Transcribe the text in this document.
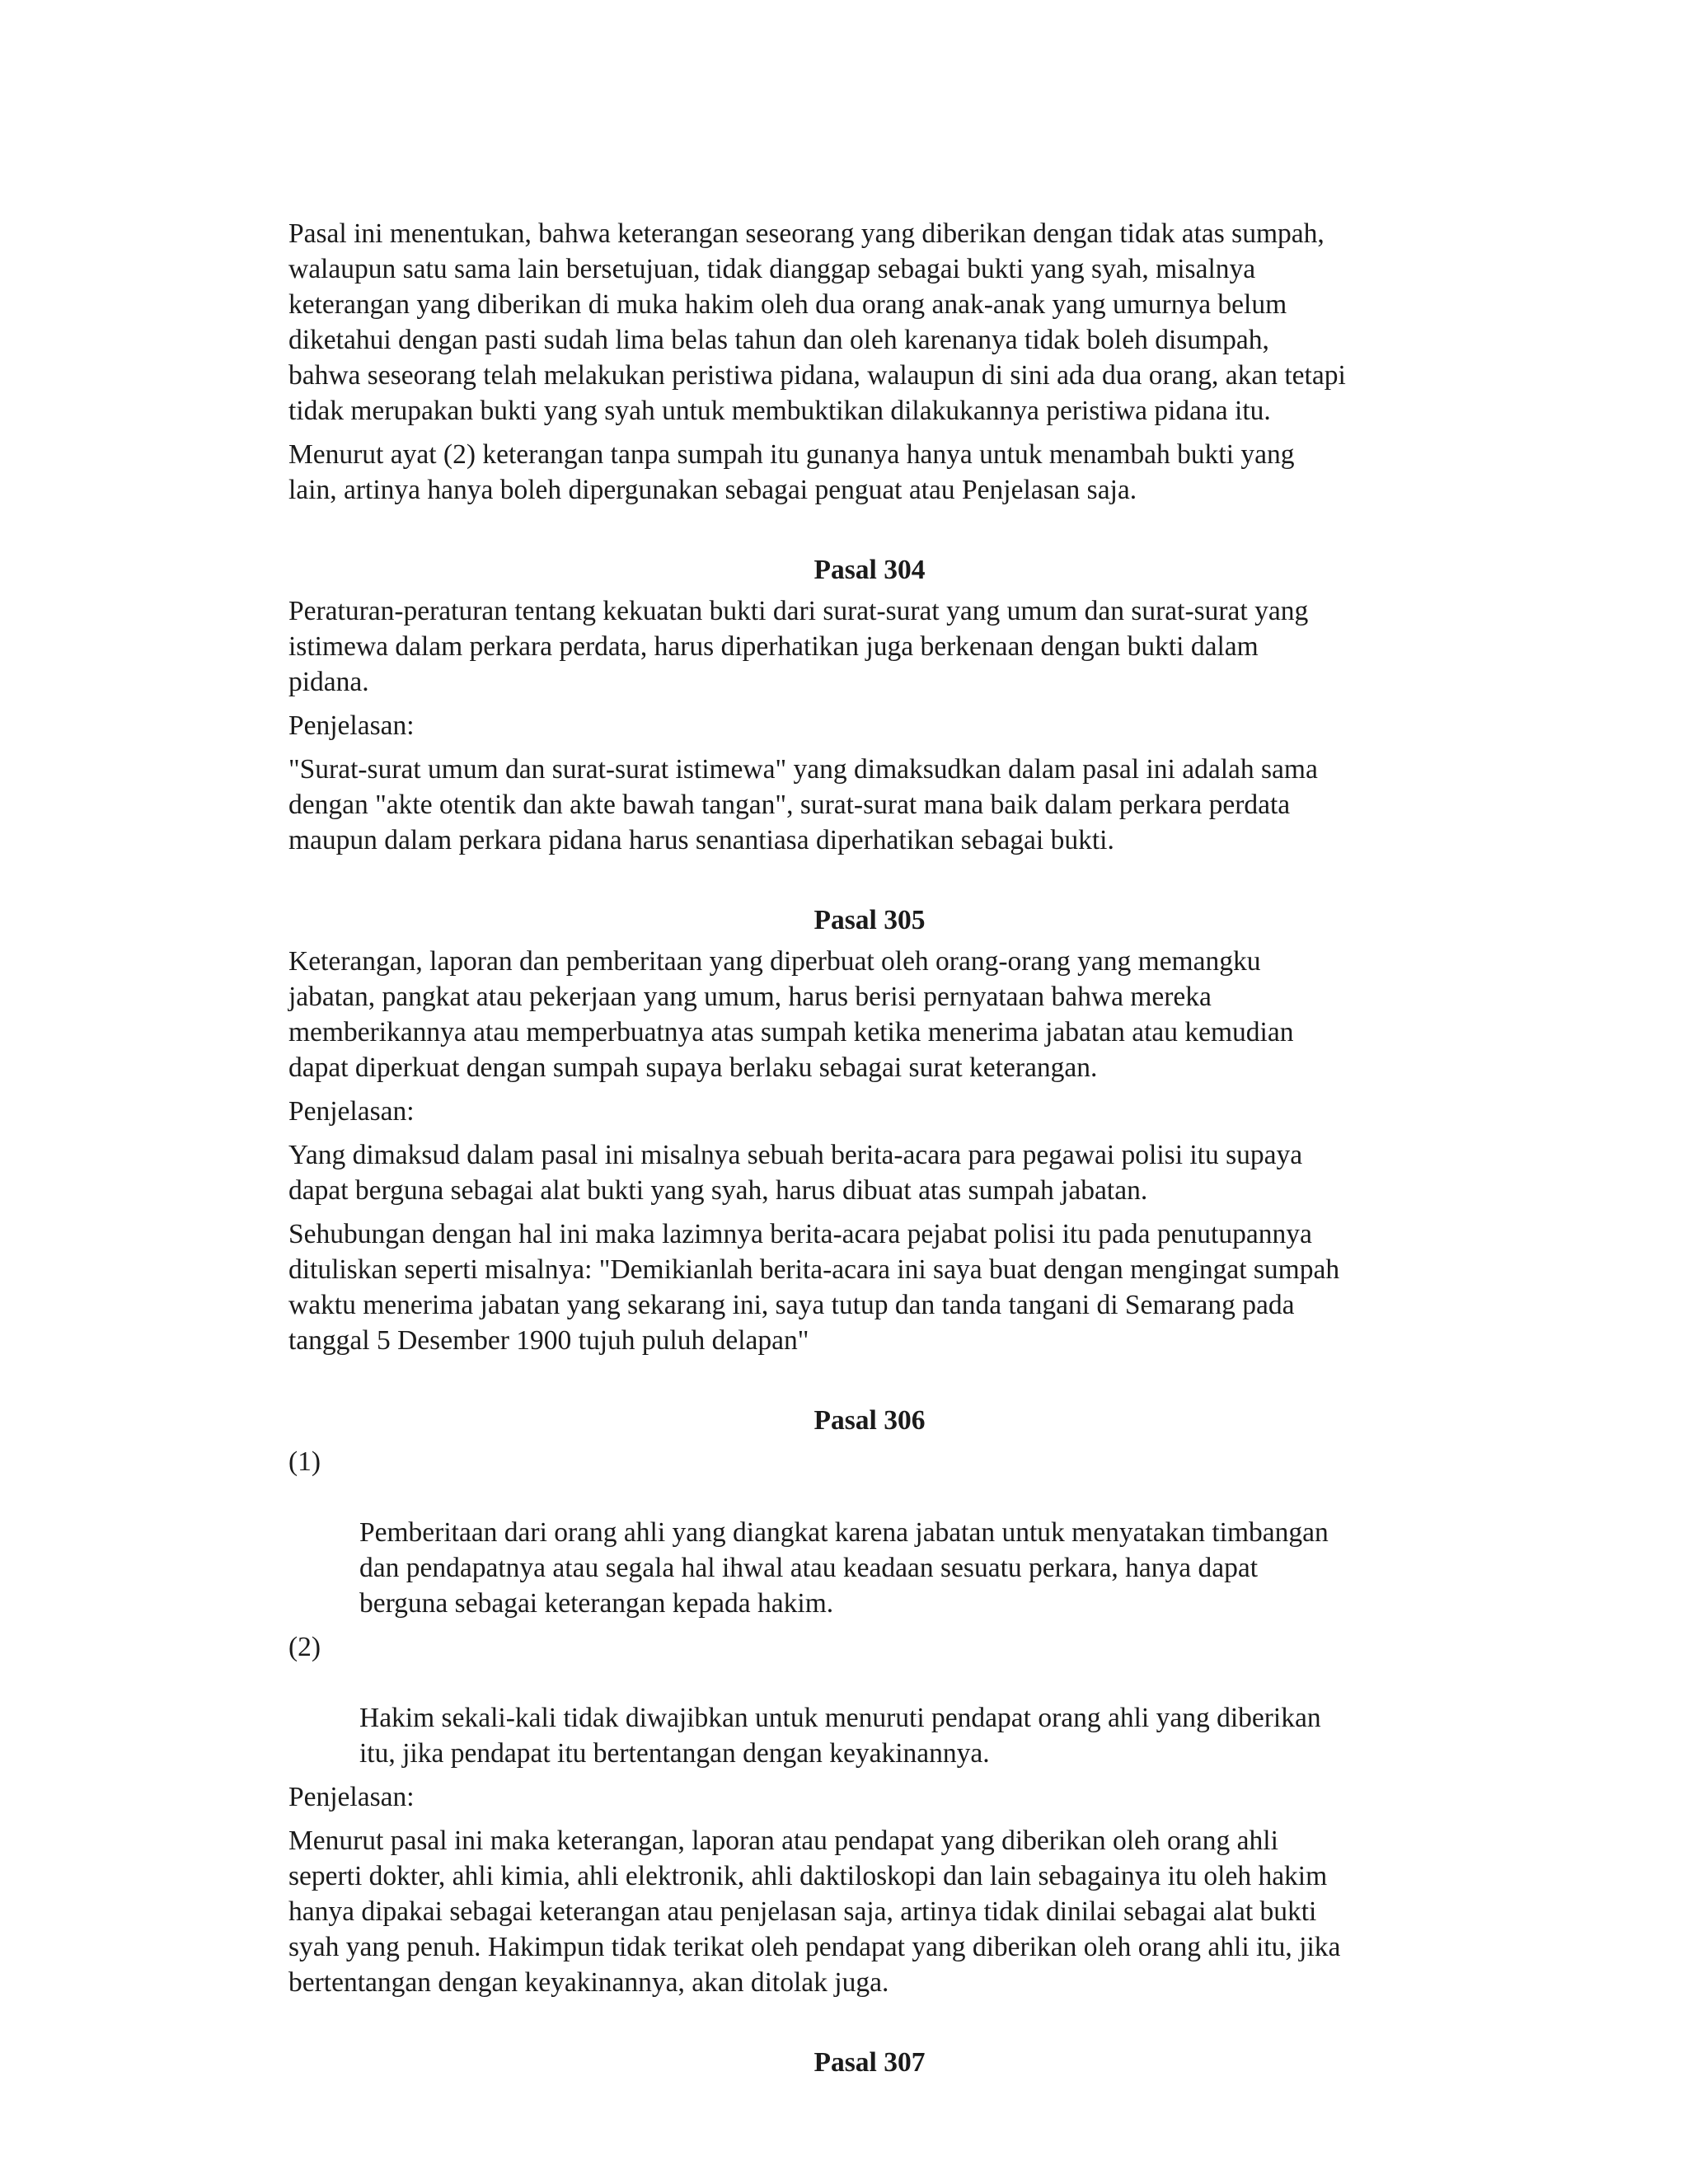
Pasal ini menentukan, bahwa keterangan seseorang yang diberikan dengan tidak atas sumpah,
walaupun satu sama lain bersetujuan, tidak dianggap sebagai bukti yang syah, misalnya
keterangan yang diberikan di muka hakim oleh dua orang anak-anak yang umurnya belum
diketahui dengan pasti sudah lima belas tahun dan oleh karenanya tidak boleh disumpah,
bahwa seseorang telah melakukan peristiwa pidana, walaupun di sini ada dua orang, akan tetapi
tidak merupakan bukti yang syah untuk membuktikan dilakukannya peristiwa pidana itu.

Menurut ayat (2) keterangan tanpa sumpah itu gunanya hanya untuk menambah bukti yang
lain, artinya hanya boleh dipergunakan sebagai penguat atau Penjelasan saja.

Pasal 304

Peraturan-peraturan tentang kekuatan bukti dari surat-surat yang umum dan surat-surat yang
istimewa dalam perkara perdata, harus diperhatikan juga berkenaan dengan bukti dalam
pidana.

Penjelasan:

"Surat-surat umum dan surat-surat istimewa" yang dimaksudkan dalam pasal ini adalah sama
dengan "akte otentik dan akte bawah tangan", surat-surat mana baik dalam perkara perdata
maupun dalam perkara pidana harus senantiasa diperhatikan sebagai bukti.

Pasal 305

Keterangan, laporan dan pemberitaan yang diperbuat oleh orang-orang yang memangku
jabatan, pangkat atau pekerjaan yang umum, harus berisi pernyataan bahwa mereka
memberikannya atau memperbuatnya atas sumpah ketika menerima jabatan atau kemudian
dapat diperkuat dengan sumpah supaya berlaku sebagai surat keterangan.

Penjelasan:

Yang dimaksud dalam pasal ini misalnya sebuah berita-acara para pegawai polisi itu supaya
dapat berguna sebagai alat bukti yang syah, harus dibuat atas sumpah jabatan.

Sehubungan dengan hal ini maka lazimnya berita-acara pejabat polisi itu pada penutupannya
dituliskan seperti misalnya: "Demikianlah berita-acara ini saya buat dengan mengingat sumpah
waktu menerima jabatan yang sekarang ini, saya tutup dan tanda tangani di Semarang pada
tanggal 5 Desember 1900 tujuh puluh delapan"

Pasal 306

(1)

Pemberitaan dari orang ahli yang diangkat karena jabatan untuk menyatakan timbangan
dan pendapatnya atau segala hal ihwal atau keadaan sesuatu perkara, hanya dapat
berguna sebagai keterangan kepada hakim.

(2)

Hakim sekali-kali tidak diwajibkan untuk menuruti pendapat orang ahli yang diberikan
itu, jika pendapat itu bertentangan dengan keyakinannya.

Penjelasan:

Menurut pasal ini maka keterangan, laporan atau pendapat yang diberikan oleh orang ahli
seperti dokter, ahli kimia, ahli elektronik, ahli daktiloskopi dan lain sebagainya itu oleh hakim
hanya dipakai sebagai keterangan atau penjelasan saja, artinya tidak dinilai sebagai alat bukti
syah yang penuh. Hakimpun tidak terikat oleh pendapat yang diberikan oleh orang ahli itu, jika
bertentangan dengan keyakinannya, akan ditolak juga.

Pasal 307
